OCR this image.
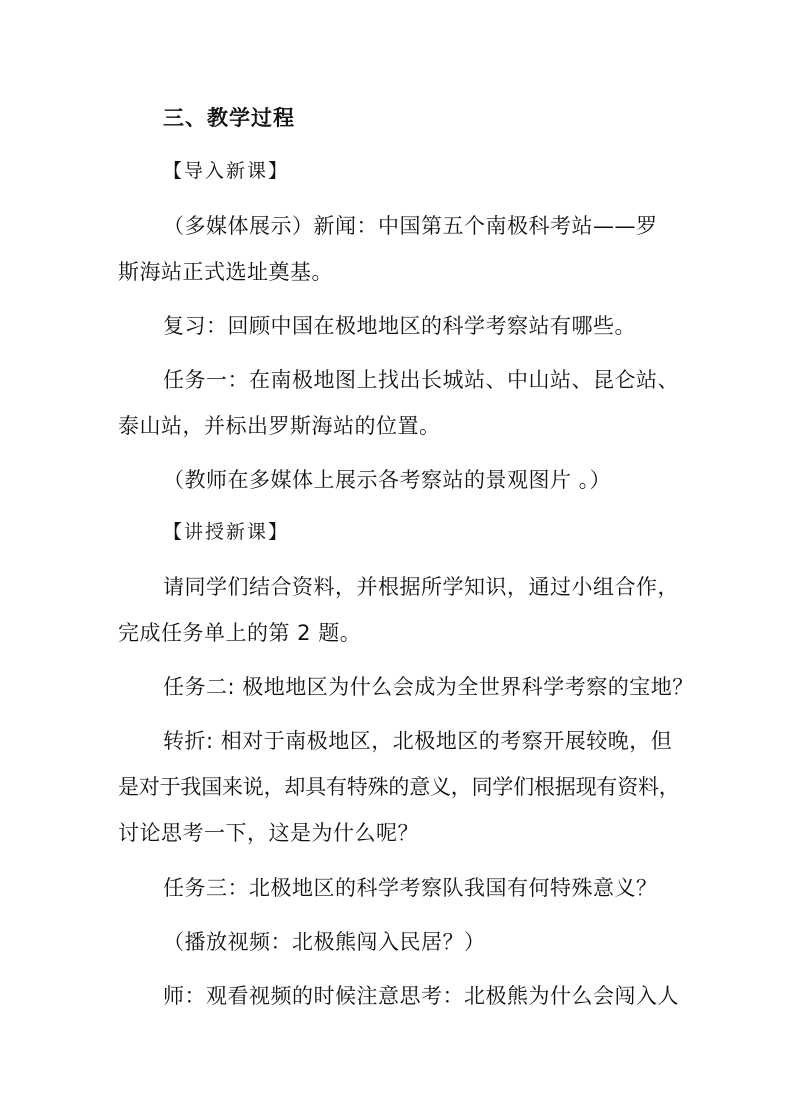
三、教学过程
【导入新课】
（多媒体展示）新闻：中国第五个南极科考站——罗
斯海站正式选址奠基。
复习：回顾中国在极地地区的科学考察站有哪些。
任务一：在南极地图上找出长城站、中山站、昆仑站、
泰山站，并标出罗斯海站的位置。
（教师在多媒体上展示各考察站的景观图片 。）
【讲授新课】
请同学们结合资料，并根据所学知识，通过小组合作，
完成任务单上的第 2 题。
任务二: 极地地区为什么会成为全世界科学考察的宝地？
转折: 相对于南极地区，北极地区的考察开展较晚，但
是对于我国来说，却具有特殊的意义，同学们根据现有资料，
讨论思考一下，这是为什么呢？
任务三：北极地区的科学考察队我国有何特殊意义？
（播放视频：北极熊闯入民居？）
师：观看视频的时候注意思考：北极熊为什么会闯入人
